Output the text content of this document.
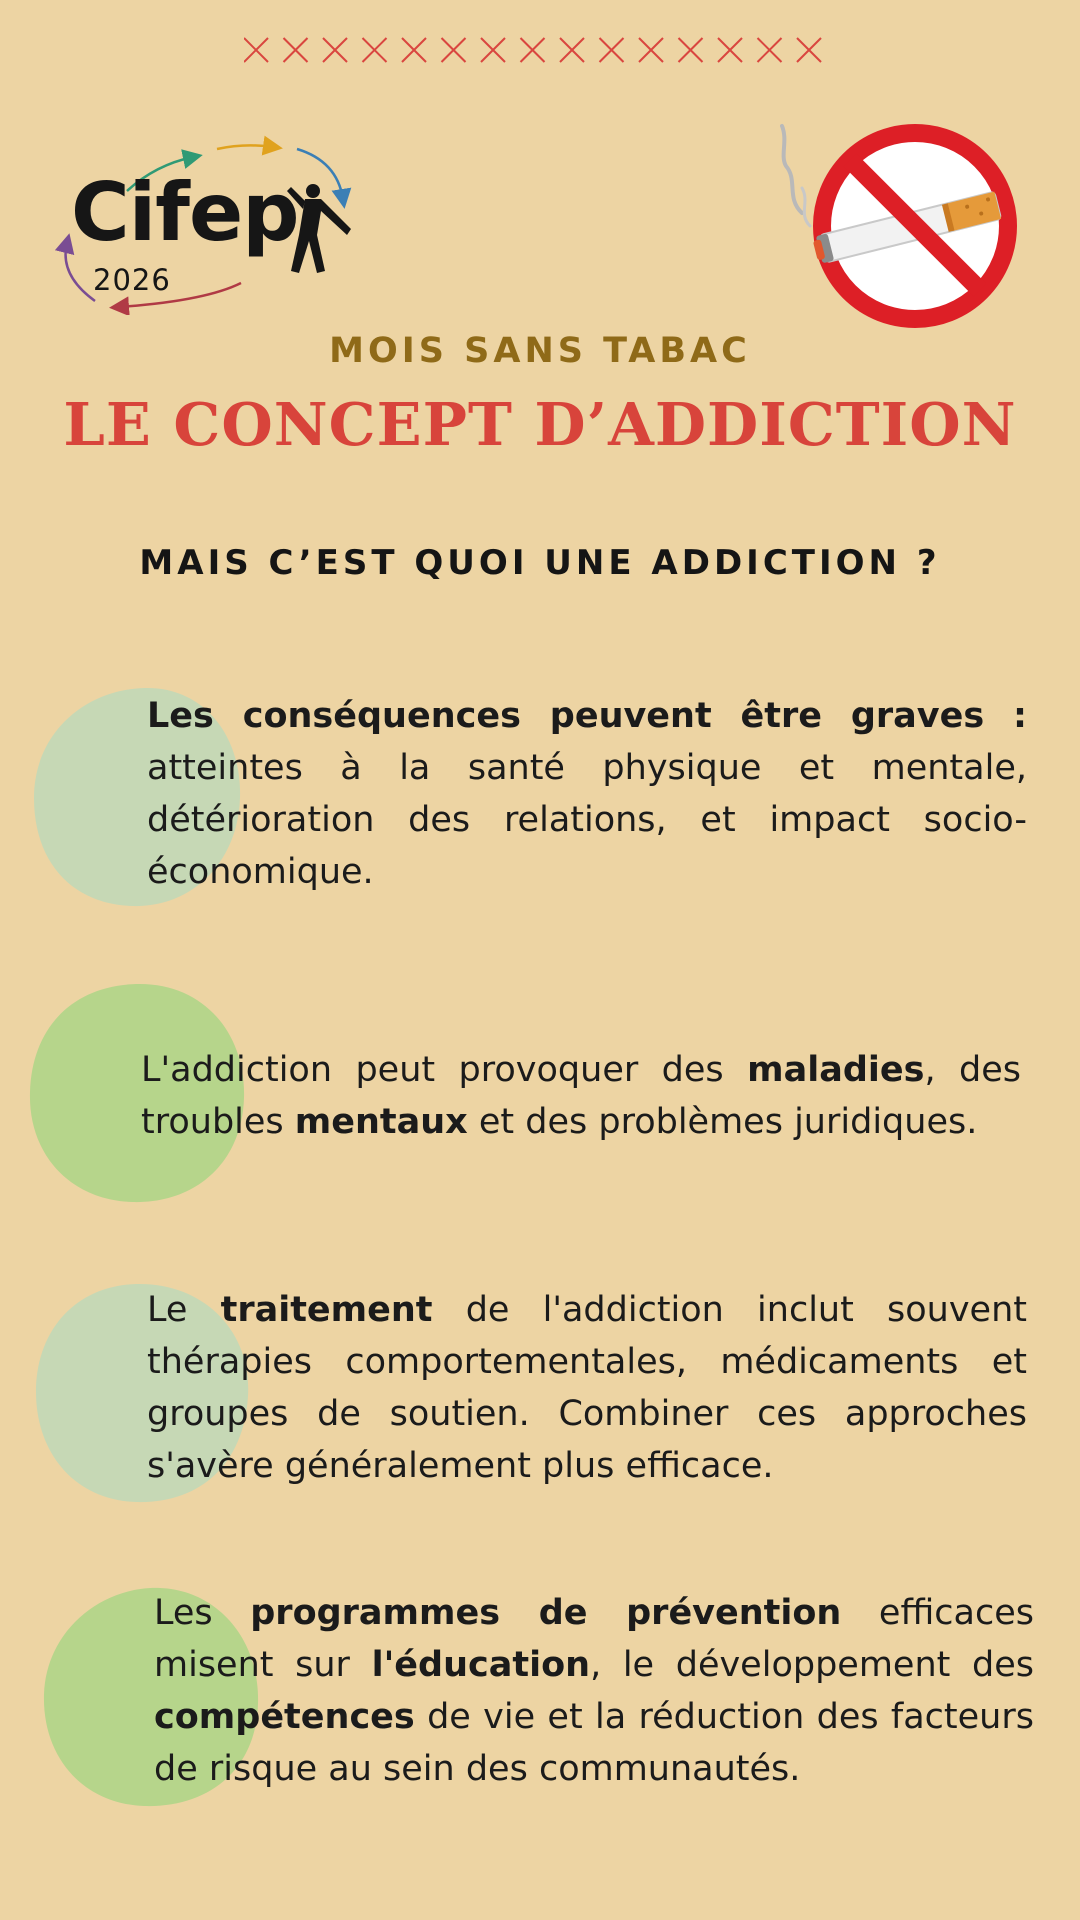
Cifep
2026
MOIS SANS TABAC
LE CONCEPT D’ADDICTION
MAIS C’EST QUOI UNE ADDICTION ?
Les conséquences peuvent être graves : atteintes à la santé physique et mentale, détérioration des relations, et impact socio-économique.
L'addiction peut provoquer des maladies, des troubles mentaux et des problèmes juridiques.
Le traitement de l'addiction inclut souvent thérapies comportementales, médicaments et groupes de soutien. Combiner ces approches s'avère généralement plus efficace.
Les programmes de prévention efficaces misent sur l'éducation, le développement des compétences de vie et la réduction des facteurs de risque au sein des communautés.
